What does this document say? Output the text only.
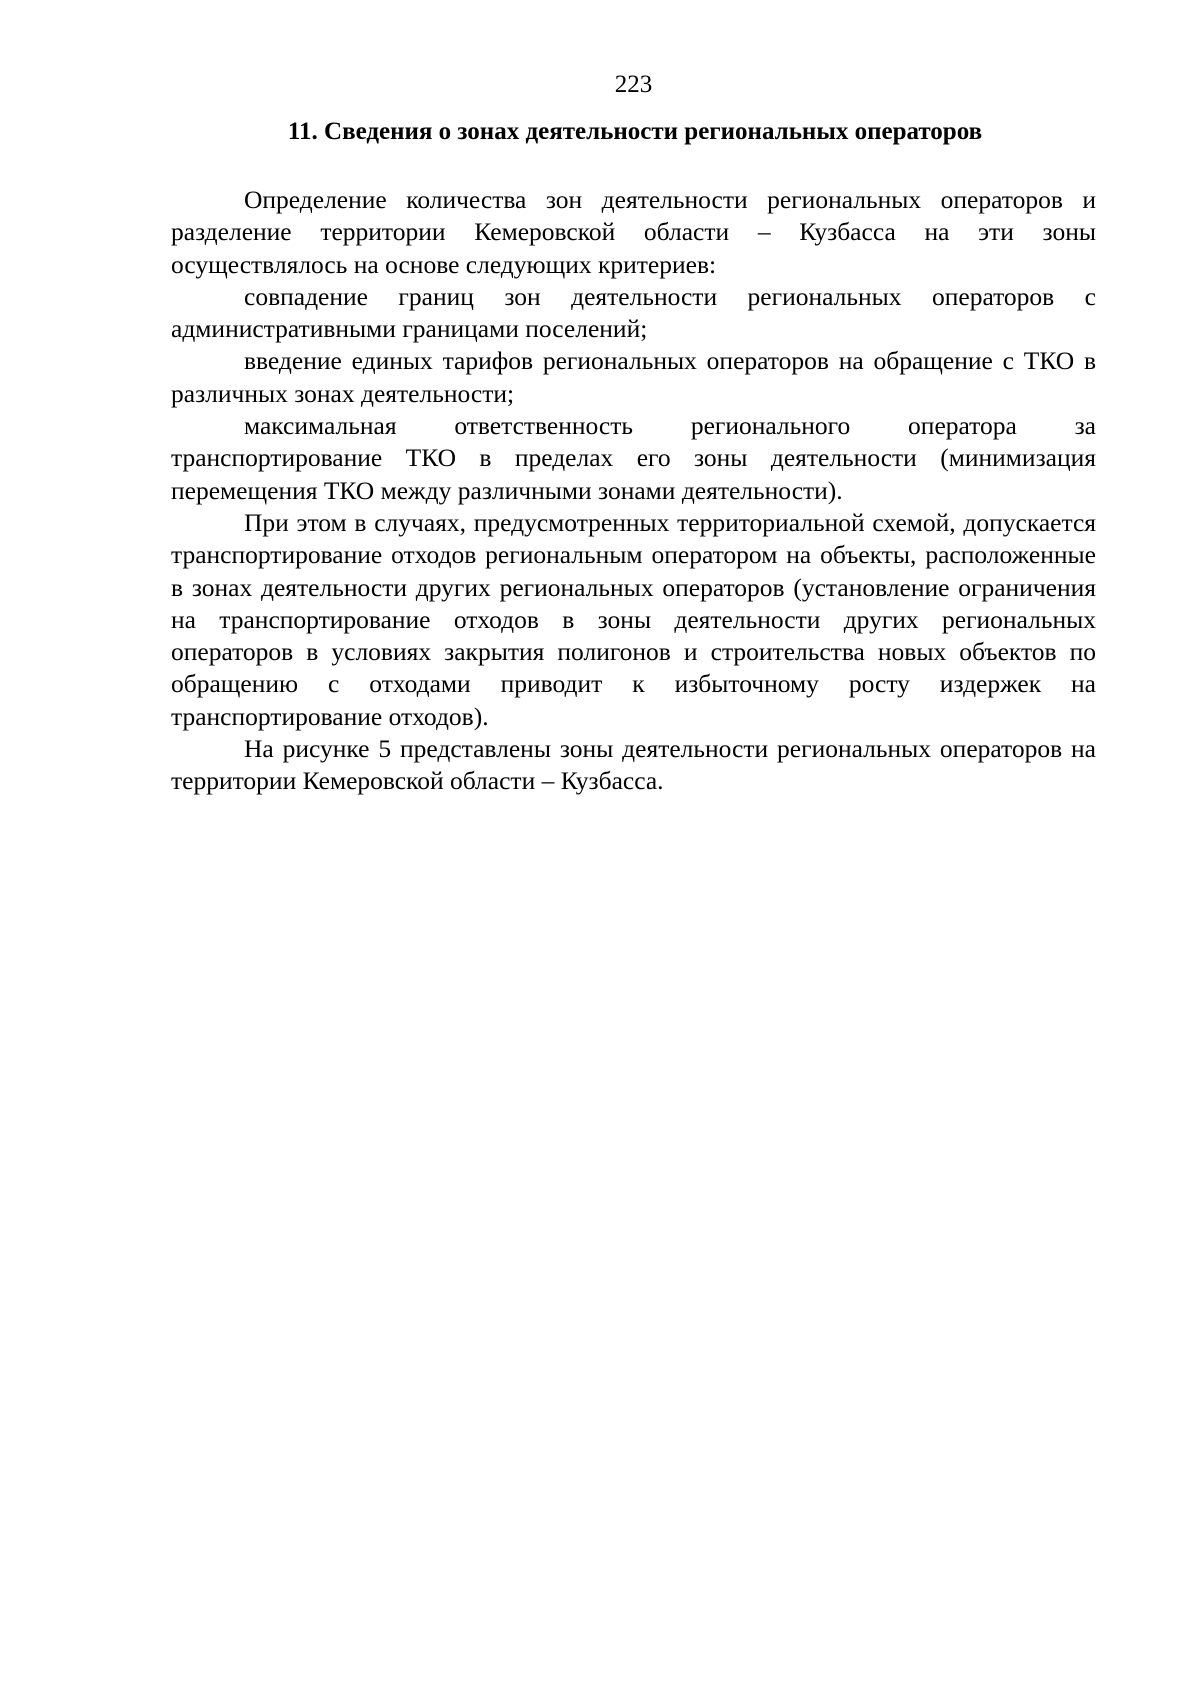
223
11. Сведения о зонах деятельности региональных операторов

Определение количества зон деятельности региональных операторов и разделение территории Кемеровской области – Кузбасса на эти зоны осуществлялось на основе следующих критериев:

совпадение границ зон деятельности региональных операторов с административными границами поселений;

введение единых тарифов региональных операторов на обращение с ТКО в различных зонах деятельности;

максимальная ответственность регионального оператора за транспортирование ТКО в пределах его зоны деятельности (минимизация перемещения ТКО между различными зонами деятельности).

При этом в случаях, предусмотренных территориальной схемой, допускается транспортирование отходов региональным оператором на объекты, расположенные в зонах деятельности других региональных операторов (установление ограничения на транспортирование отходов в зоны деятельности других региональных операторов в условиях закрытия полигонов и строительства новых объектов по обращению с отходами приводит к избыточному росту издержек на транспортирование отходов).

На рисунке 5 представлены зоны деятельности региональных операторов на территории Кемеровской области – Кузбасса.
